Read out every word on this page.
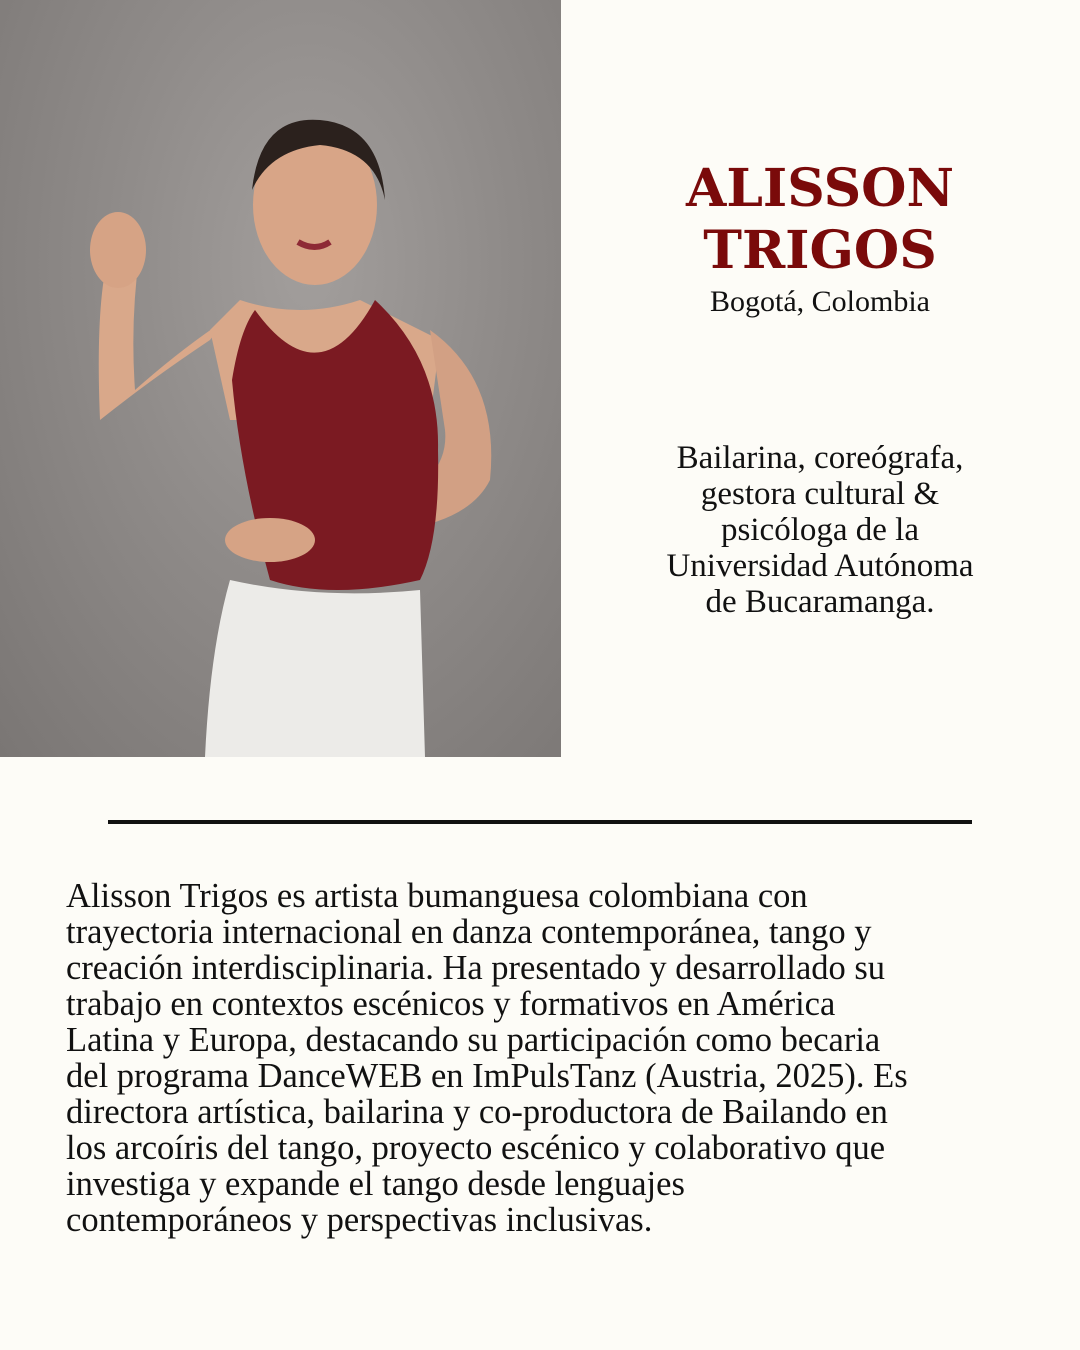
ALISSON
TRIGOS
Bogotá, Colombia
Bailarina, coreógrafa,
gestora cultural &
psicóloga de la
Universidad Autónoma
de Bucaramanga.
Alisson Trigos es artista bumanguesa colombiana con
trayectoria internacional en danza contemporánea, tango y
creación interdisciplinaria. Ha presentado y desarrollado su
trabajo en contextos escénicos y formativos en América
Latina y Europa, destacando su participación como becaria
del programa DanceWEB en ImPulsTanz (Austria, 2025). Es
directora artística, bailarina y co-productora de Bailando en
los arcoíris del tango, proyecto escénico y colaborativo que
investiga y expande el tango desde lenguajes
contemporáneos y perspectivas inclusivas.
